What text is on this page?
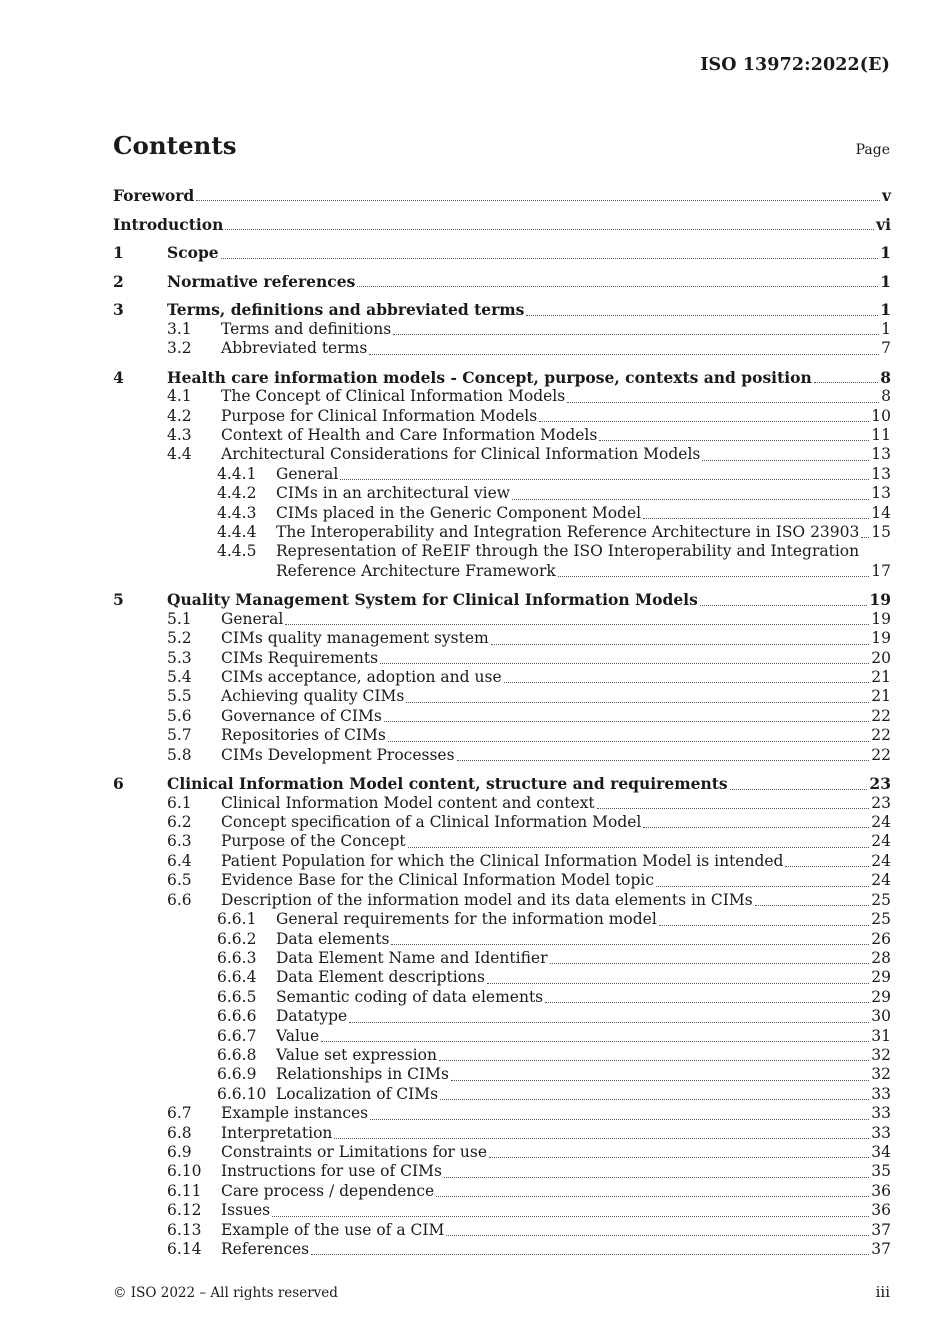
ISO 13972:2022(E)
Contents	Page
Foreword	v
Introduction	vi
1	Scope	1
2	Normative references	1
3	Terms, definitions and abbreviated terms	1
3.1 Terms and definitions	1
3.2 Abbreviated terms	7
4	Health care information models - Concept, purpose, contexts and position	8
4.1 The Concept of Clinical Information Models	8
4.2 Purpose for Clinical Information Models	10
4.3 Context of Health and Care Information Models	11
4.4 Architectural Considerations for Clinical Information Models	13
4.4.1 General	13
4.4.2 CIMs in an architectural view	13
4.4.3 CIMs placed in the Generic Component Model	14
4.4.4 The Interoperability and Integration Reference Architecture in ISO 23903 15
4.4.5 Representation of ReEIF through the ISO Interoperability and Integration
Reference Architecture Framework	17
5	Quality Management System for Clinical Information Models	19
5.1 General	19
5.2 CIMs quality management system	19
5.3 CIMs Requirements	20
5.4 CIMs acceptance, adoption and use	21
5.5 Achieving quality CIMs	21
5.6 Governance of CIMs	22
5.7 Repositories of CIMs	22
5.8 CIMs Development Processes	22
6	Clinical Information Model content, structure and requirements	23
6.1 Clinical Information Model content and context	23
6.2 Concept specification of a Clinical Information Model	24
6.3 Purpose of the Concept	24
6.4 Patient Population for which the Clinical Information Model is intended	24
6.5 Evidence Base for the Clinical Information Model topic	24
6.6 Description of the information model and its data elements in CIMs	25
6.6.1 General requirements for the information model	25
6.6.2 Data elements	26
6.6.3 Data Element Name and Identifier	28
6.6.4 Data Element descriptions	29
6.6.5 Semantic coding of data elements	29
6.6.6 Datatype	30
6.6.7 Value	31
6.6.8 Value set expression	32
6.6.9 Relationships in CIMs	32
6.6.10 Localization of CIMs	33
6.7 Example instances	33
6.8 Interpretation	33
6.9 Constraints or Limitations for use	34
6.10 Instructions for use of CIMs	35
6.11 Care process / dependence	36
6.12 Issues	36
6.13 Example of the use of a CIM	37
6.14 References	37
© ISO 2022 – All rights reserved	iii
